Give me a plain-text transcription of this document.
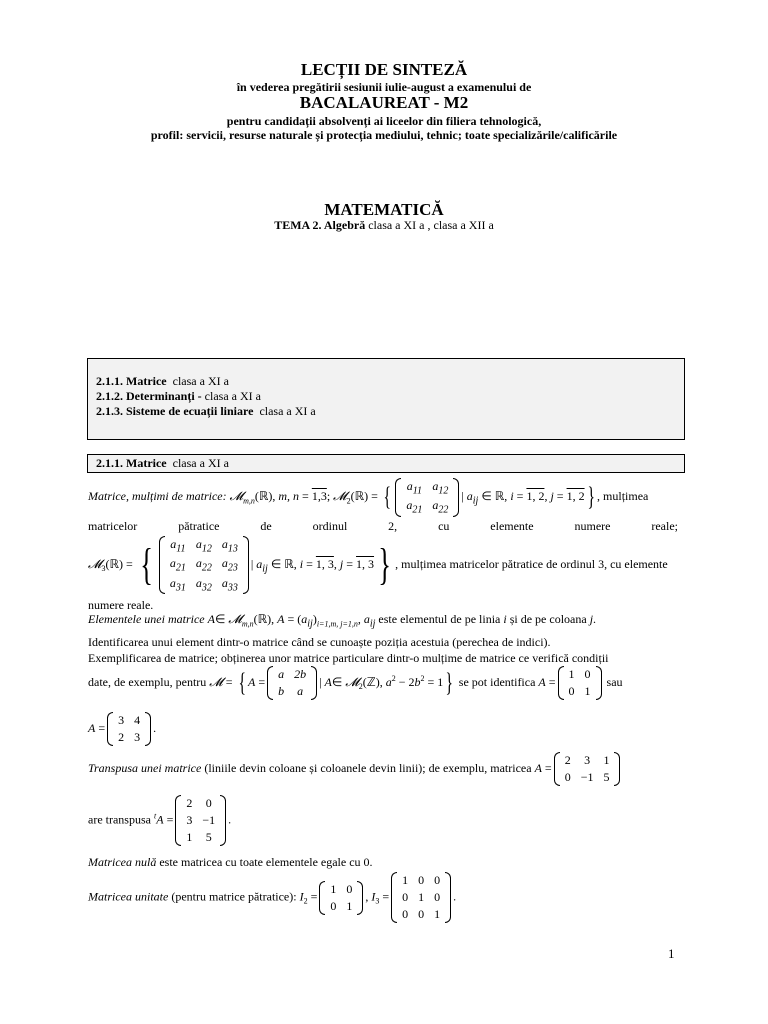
LECȚII DE SINTEZĂ
în vederea pregătirii sesiunii iulie-august a examenului de
BACALAUREAT - M2
pentru candidații absolvenți ai liceelor din filiera tehnologică,
profil: servicii, resurse naturale și protecția mediului, tehnic; toate specializările/calificările
MATEMATICĂ
TEMA 2. Algebră clasa a XI a , clasa a XII a
2.1.1. Matrice clasa a XI a
2.1.2. Determinanți - clasa a XI a
2.1.3. Sisteme de ecuații liniare clasa a XI a
2.1.1. Matrice clasa a XI a
Matrice, mulțimi de matrice: 𝓜$_{m,n}$(ℝ), m, n = 1,3; 𝓜$_2$(ℝ) = { $a_{11}$	$a_{12}$
$a_{21}$	$a_{22}$
| $a_{ij}$ ∈ ℝ, i = 1, 2, j = 1, 2} , mulțimea
matricelor pătratice de ordinul 2, cu elemente numere reale;
𝓜$_3$(ℝ) = { $a_{11}$	$a_{12}$	$a_{13}$
$a_{21}$	$a_{22}$	$a_{23}$
$a_{31}$	$a_{32}$	$a_{33}$
| $a_{ij}$ ∈ ℝ, i = 1, 3, j = 1, 3} , mulțimea matricelor pătratice de ordinul 3, cu elemente
numere reale.
Elementele unei matrice A∈ 𝓜$_{m,n}$(ℝ), $A = (a_{ij})_{i=1,m, j=1,n}$, $a_{ij}$ este elementul de pe linia i și de pe coloana j.
Identificarea unui element dintr-o matrice când se cunoaște poziția acestuia (perechea de indici).
Exemplificarea de matrice; obținerea unor matrice particulare dintr-o mulțime de matrice ce verifică condiții
date, de exemplu, pentru 𝓜 = { A =
a	2b
b	a
| A∈ 𝓜$_2$(ℤ), $a^2 - 2b^2 = 1$} se pot identifica A =
1	0
0	1
sau
A =
3	4
2	3
.
Transpusa unei matrice (liniile devin coloane și coloanele devin linii); de exemplu, matricea A =
2	3	1
0	−1	5
are transpusa $^t$A =
2	0
3	−1
1	5
.
Matricea nulă este matricea cu toate elementele egale cu 0.
Matricea unitate (pentru matrice pătratice): $I_2$ =
1	0
0	1
, $I_3$ =
1	0	0
0	1	0
0	0	1
.
1
